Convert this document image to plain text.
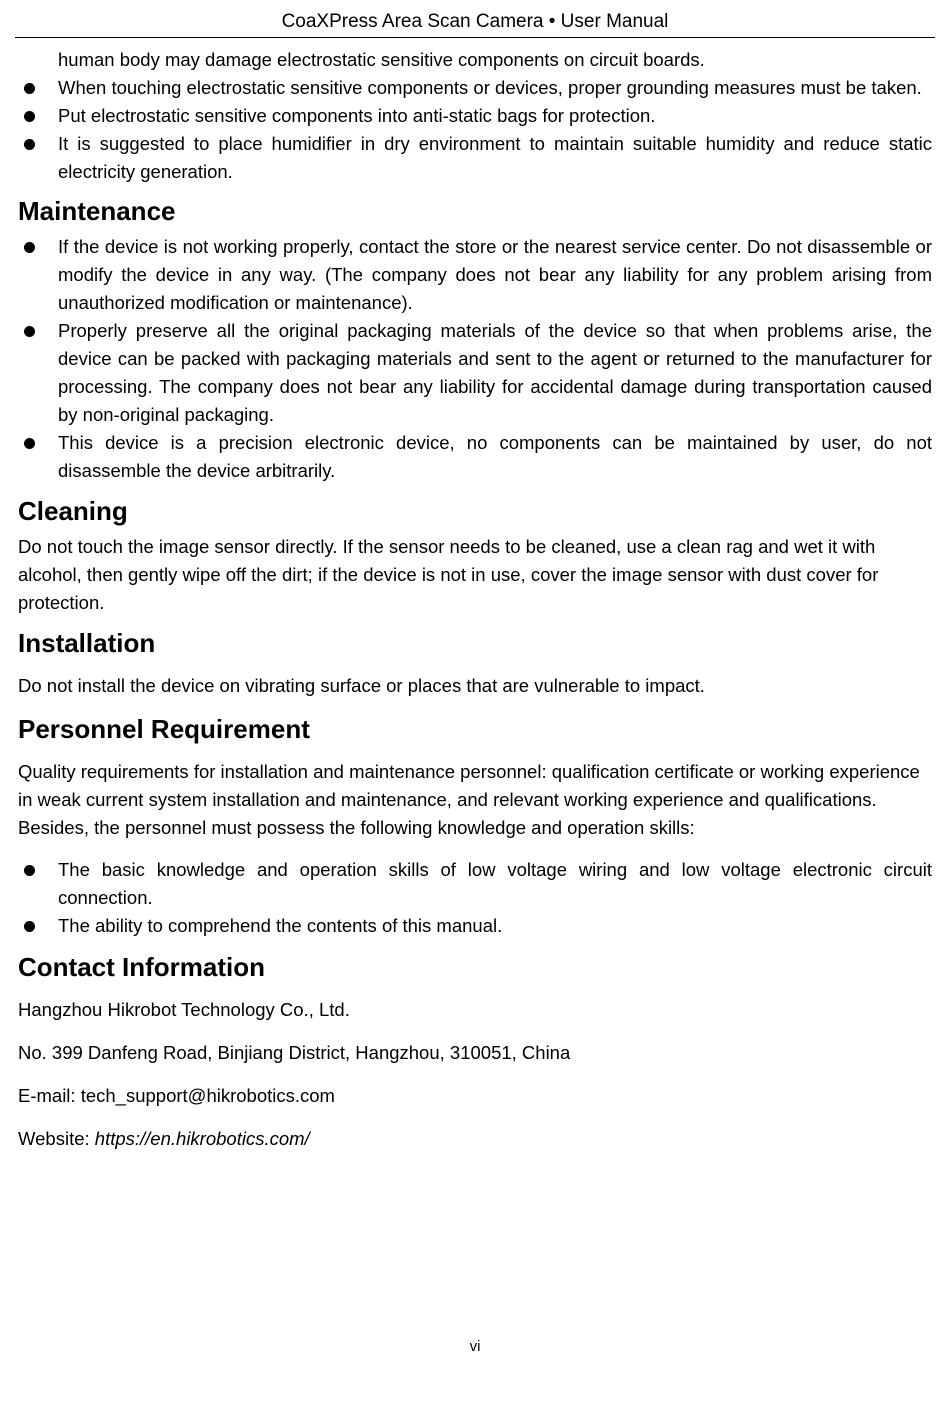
CoaXPress Area Scan Camera • User Manual
human body may damage electrostatic sensitive components on circuit boards.
When touching electrostatic sensitive components or devices, proper grounding measures must be taken.
Put electrostatic sensitive components into anti-static bags for protection.
It is suggested to place humidifier in dry environment to maintain suitable humidity and reduce static electricity generation.
Maintenance
If the device is not working properly, contact the store or the nearest service center. Do not disassemble or modify the device in any way. (The company does not bear any liability for any problem arising from unauthorized modification or maintenance).
Properly preserve all the original packaging materials of the device so that when problems arise, the device can be packed with packaging materials and sent to the agent or returned to the manufacturer for processing. The company does not bear any liability for accidental damage during transportation caused by non-original packaging.
This device is a precision electronic device, no components can be maintained by user, do not disassemble the device arbitrarily.
Cleaning

Do not touch the image sensor directly. If the sensor needs to be cleaned, use a clean rag and wet it with alcohol, then gently wipe off the dirt; if the device is not in use, cover the image sensor with dust cover for protection.

Installation

Do not install the device on vibrating surface or places that are vulnerable to impact.

Personnel Requirement

Quality requirements for installation and maintenance personnel: qualification certificate or working experience in weak current system installation and maintenance, and relevant working experience and qualifications. Besides, the personnel must possess the following knowledge and operation skills:

The basic knowledge and operation skills of low voltage wiring and low voltage electronic circuit connection.
The ability to comprehend the contents of this manual.
Contact Information

Hangzhou Hikrobot Technology Co., Ltd.

No. 399 Danfeng Road, Binjiang District, Hangzhou, 310051, China

E-mail: tech_support@hikrobotics.com

Website: https://en.hikrobotics.com/

vi
